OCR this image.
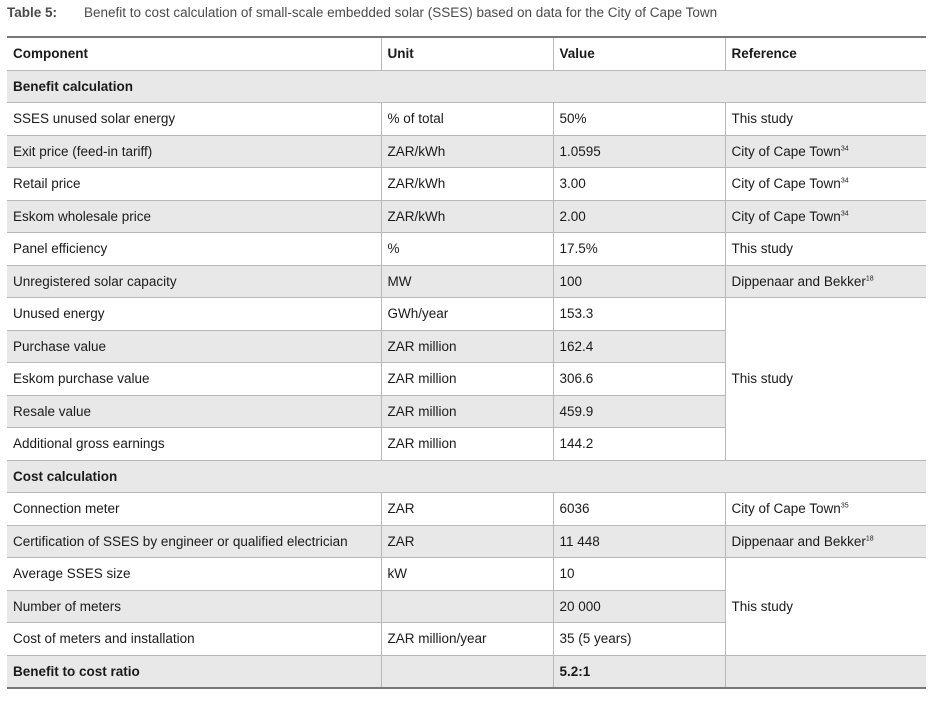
Table 5: Benefit to cost calculation of small-scale embedded solar (SSES) based on data for the City of Cape Town
Component	Unit	Value	Reference
Benefit calculation			
SSES unused solar energy	% of total	50%	This study
Exit price (feed-in tariff)	ZAR/kWh	1.0595	City of Cape Town$^{34}$
Retail price	ZAR/kWh	3.00	City of Cape Town$^{34}$
Eskom wholesale price	ZAR/kWh	2.00	City of Cape Town$^{34}$
Panel efficiency	%	17.5%	This study
Unregistered solar capacity	MW	100	Dippenaar and Bekker$^{18}$
Unused energy	GWh/year	153.3	This study
Purchase value	ZAR million	162.4	
Eskom purchase value	ZAR million	306.6	
Resale value	ZAR million	459.9	
Additional gross earnings	ZAR million	144.2	
Cost calculation			
Connection meter	ZAR	6036	City of Cape Town$^{35}$
Certification of SSES by engineer or qualified electrician	ZAR	11 448	Dippenaar and Bekker$^{18}$
Average SSES size	kW	10	This study
Number of meters		20 000	
Cost of meters and installation	ZAR million/year	35 (5 years)	
Benefit to cost ratio		5.2:1	
